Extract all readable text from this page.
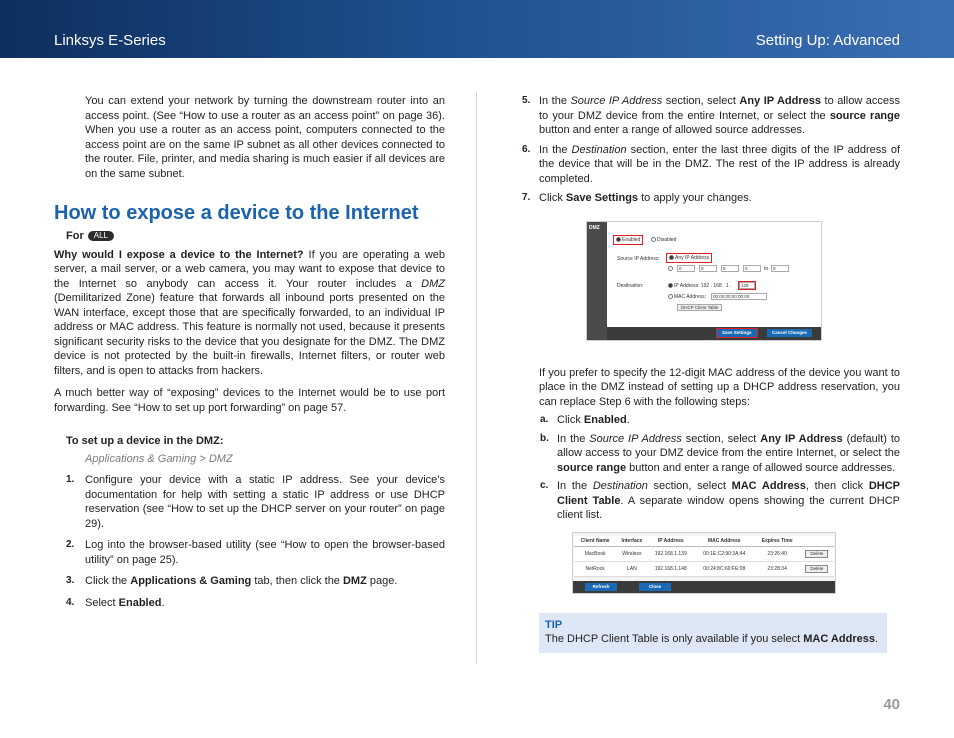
Linksys E-Series	Setting Up: Advanced

You can extend your network by turning the downstream router into an access point. (See “How to use a router as an access point” on page 36). When you use a router as an access point, computers connected to the access point are on the same IP subnet as all other devices connected to the router. File, printer, and media sharing is much easier if all devices are on the same subnet.

How to expose a device to the Internet
For	ALL

Why would I expose a device to the Internet? If you are operating a web server, a mail server, or a web camera, you may want to expose that device to the Internet so anybody can access it. Your router includes a DMZ (Demilitarized Zone) feature that forwards all inbound ports presented on the WAN interface, except those that are specifically forwarded, to an individual IP address or MAC address. This feature is normally not used, because it presents significant security risks to the device that you designate for the DMZ. The DMZ device is not protected by the built-in firewalls, Internet filters, or router web filters, and is open to attacks from hackers.

A much better way of “exposing” devices to the Internet would be to use port forwarding. See “How to set up port forwarding” on page 57.

To set up a device in the DMZ:

Applications & Gaming > DMZ

1. Configure your device with a static IP address. See your device’s documentation for help with setting a static IP address or use DHCP reservation (see “How to set up the DHCP server on your router” on page 29).
2. Log into the browser-based utility (see “How to open the browser-based utility” on page 25).
3. Click the Applications & Gaming tab, then click the DMZ page.
4. Select Enabled.
5. In the Source IP Address section, select Any IP Address to allow access to your DMZ device from the entire Internet, or select the source range button and enter a range of allowed source addresses.
6. In the Destination section, enter the last three digits of the IP address of the device that will be in the DMZ. The rest of the IP address is already completed.
7. Click Save Settings to apply your changes.

If you prefer to specify the 12-digit MAC address of the device you want to place in the DMZ instead of setting up a DHCP address reservation, you can replace Step 6 with the following steps:

a. Click Enabled.
b. In the Source IP Address section, select Any IP Address (default) to allow access to your DMZ device from the entire Internet, or select the source range button and enter a range of allowed source addresses.
c. In the Destination section, select MAC Address, then click DHCP Client Table. A separate window opens showing the current DHCP client list.
DMZ
Enabled	Disabled
Source IP Address:	Any IP Address
0	0	0	0	to	0
Destination:	IP Address: 192 . 168 . 1 .	128
MAC Address:	00:00:00:00:00:00
DHCP Client Table
Save Settings	Cancel Changes
Client Name	Interface	IP Address	MAC Address	Expires Time	
MacBook	Wireless	192.168.1.139	00:1E:C2:90:3A:44	23:26:40	Delete
NetRock	LAN	192.168.1.148	00:24:8C:60:FE:08	23:28:34	Delete
Refresh	Close
TIP
The DHCP Client Table is only available if you select MAC Address.
40
